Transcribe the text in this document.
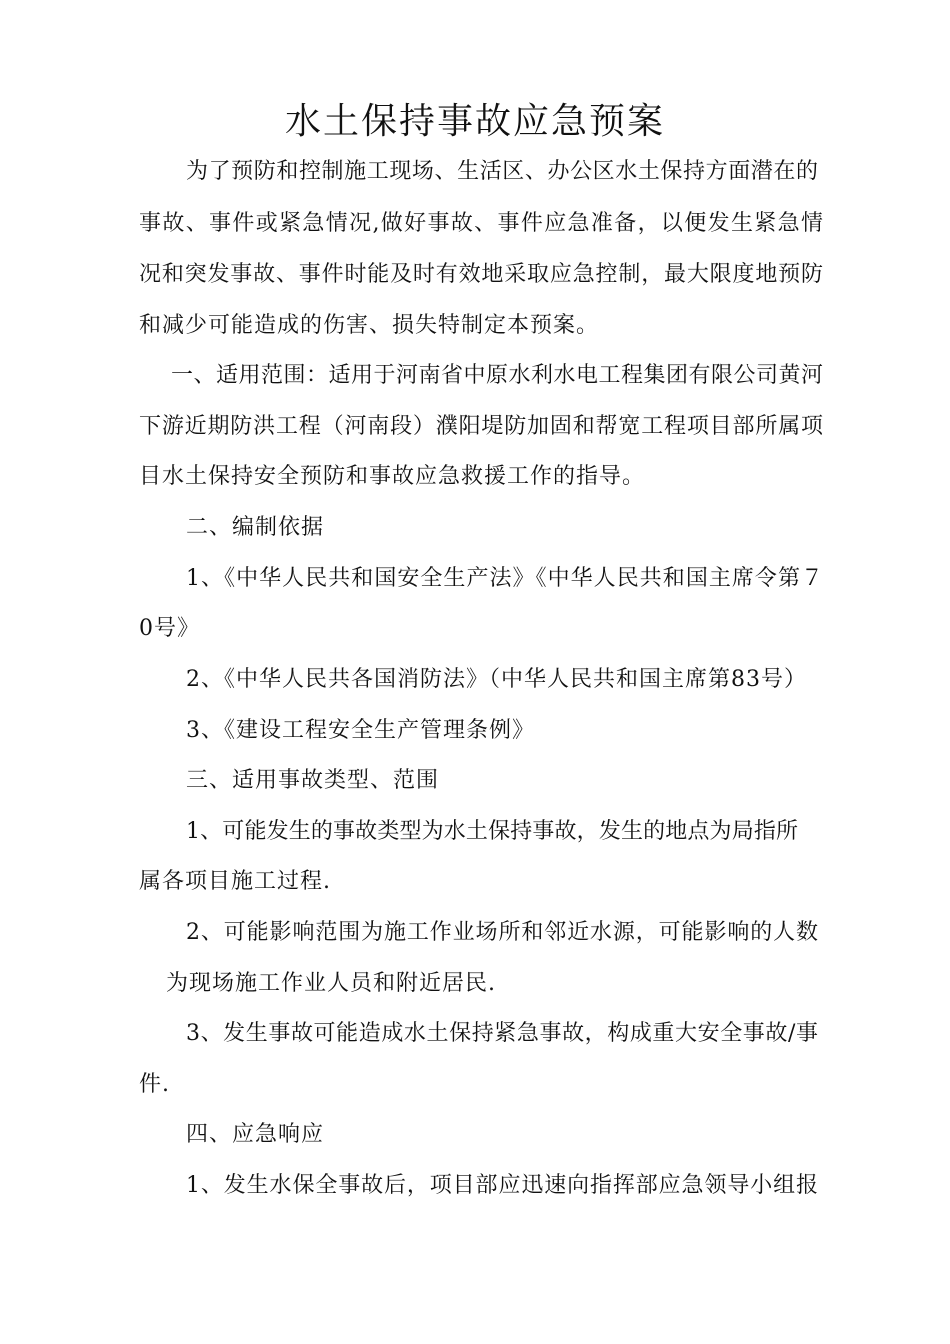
水土保持事故应急预案
为了预防和控制施工现场、生活区、办公区水土保持方面潜在的
事故、事件或紧急情况,做好事故、事件应急准备，以便发生紧急情
况和突发事故、事件时能及时有效地采取应急控制，最大限度地预防
和减少可能造成的伤害、损失特制定本预案。
一、适用范围：适用于河南省中原水利水电工程集团有限公司黄河
下游近期防洪工程（河南段）濮阳堤防加固和帮宽工程项目部所属项
目水土保持安全预防和事故应急救援工作的指导。
二、编制依据
1、《中华人民共和国安全生产法》《中华人民共和国主席令第７
0号》
2、《中华人民共各国消防法》（中华人民共和国主席第83号）
3、《建设工程安全生产管理条例》
三、适用事故类型、范围
1、可能发生的事故类型为水土保持事故，发生的地点为局指所
属各项目施工过程.
2、可能影响范围为施工作业场所和邻近水源，可能影响的人数
为现场施工作业人员和附近居民.
3、发生事故可能造成水土保持紧急事故，构成重大安全事故/事
件.
四、应急响应
1、发生水保全事故后，项目部应迅速向指挥部应急领导小组报
